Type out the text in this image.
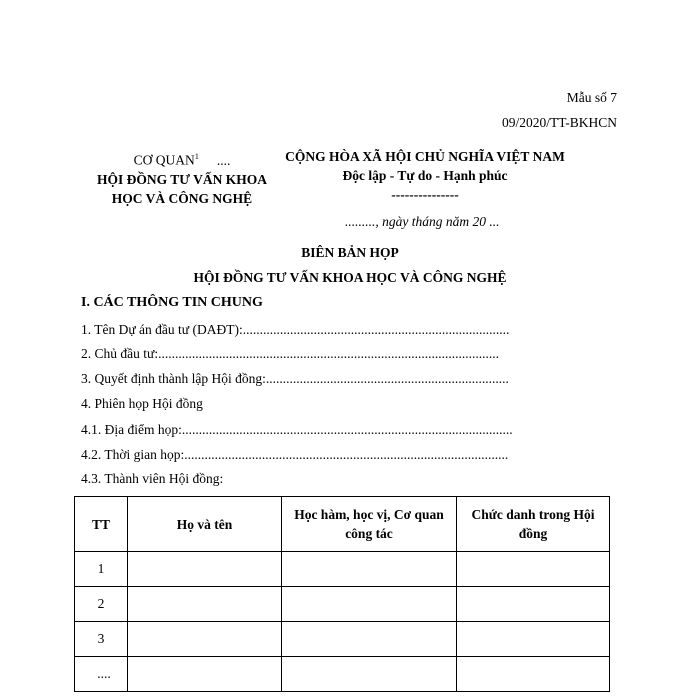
Mẫu số 7
09/2020/TT-BKHCN
CƠ QUAN$^1$ ....
HỘI ĐỒNG TƯ VẤN KHOA
HỌC VÀ CÔNG NGHỆ
CỘNG HÒA XÃ HỘI CHỦ NGHĨA VIỆT NAM
Độc lập - Tự do - Hạnh phúc
---------------
........., ngày tháng năm 20 ...
BIÊN BẢN HỌP
HỘI ĐỒNG TƯ VẤN KHOA HỌC VÀ CÔNG NGHỆ
I. CÁC THÔNG TIN CHUNG
1. Tên Dự án đầu tư (DAĐT):...............................................................................
2. Chủ đầu tư:.....................................................................................................
3. Quyết định thành lập Hội đồng:........................................................................
4. Phiên họp Hội đồng
4.1. Địa điểm họp:..................................................................................................
4.2. Thời gian họp:................................................................................................
4.3. Thành viên Hội đồng:
TT	Họ và tên	Học hàm, học vị, Cơ quan công tác	Chức danh trong Hội đồng
1			
2			
3			
....			
